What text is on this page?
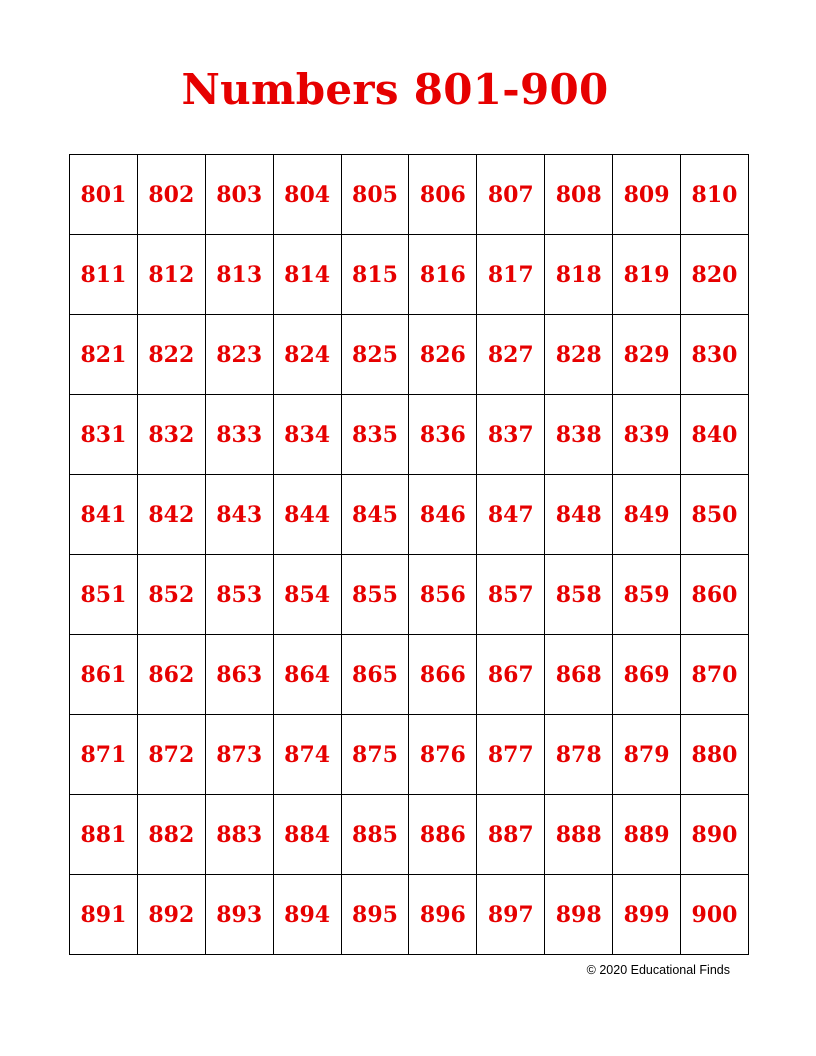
Numbers 801-900
801	802	803	804	805	806	807	808	809	810
811	812	813	814	815	816	817	818	819	820
821	822	823	824	825	826	827	828	829	830
831	832	833	834	835	836	837	838	839	840
841	842	843	844	845	846	847	848	849	850
851	852	853	854	855	856	857	858	859	860
861	862	863	864	865	866	867	868	869	870
871	872	873	874	875	876	877	878	879	880
881	882	883	884	885	886	887	888	889	890
891	892	893	894	895	896	897	898	899	900
© 2020 Educational Finds
